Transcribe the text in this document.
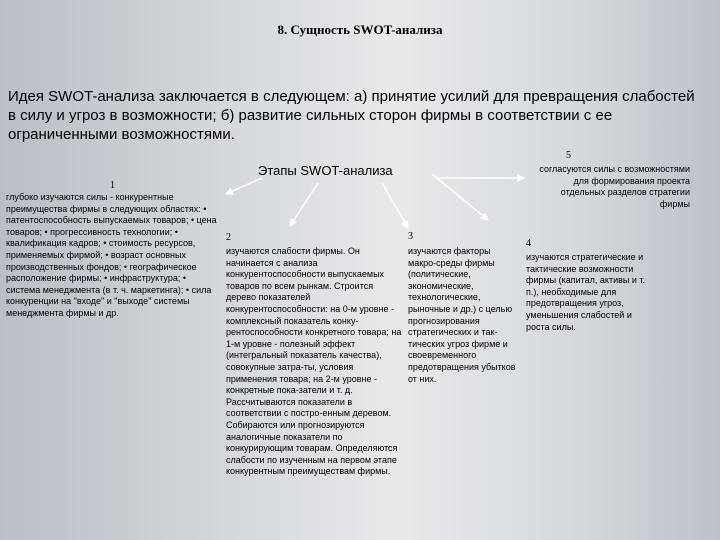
8. Сущность SWOT-анализа
Идея SWOT-анализа заключается в следующем: а) принятие усилий для превращения слабостей в силу и угроз в возможности; б) развитие сильных сторон фирмы в соответствии с ее ограниченными возможностями.
Этапы SWOT-анализа
1
глубоко изучаются силы - конкурентные преимущества фирмы в следующих областях: • патентоспособность выпускаемых товаров; • цена товаров; • прогрессивность технологии; • квалификация кадров; • стоимость ресурсов, применяемых фирмой; • возраст основных производственных фондов; • географическое расположение фирмы; • инфраструктура; • система менеджмента (в т. ч. маркетинга); • сила конкуренции на "входе" и "выходе" системы менеджмента фирмы и др.
2
изучаются слабости фирмы. Он начинается с анализа конкурентоспособности выпускаемых товаров по всем рынкам. Строится дерево показателей конкурентоспособности: на 0-м уровне - комплексный показатель конку-рентоспособности конкретного товара; на 1-м уровне - полезный эффект (интегральный показатель качества), совокупные затра-ты, условия применения товара; на 2-м уровне - конкретные пока-затели и т. д. Рассчитываются показатели в соответствии с постро-енным деревом. Собираются или прогнозируются аналогичные показатели по конкурирующим товарам. Определяются слабости по изученным на первом этапе конкурентным преимуществам фирмы.
3
изучаются факторы макро-среды фирмы (политические, экономические, технологические, рыночные и др.) с целью прогнозирования стратегических и так-тических угроз фирме и своевременного предотвращения убытков от них.
4
изучаются стратегические и тактические возможности фирмы (капитал, активы и т. п.), необходимые для предотвращения угроз, уменьшения слабостей и роста силы.
5
согласуются силы с возможностями для формирования проекта отдельных разделов стратегии фирмы
